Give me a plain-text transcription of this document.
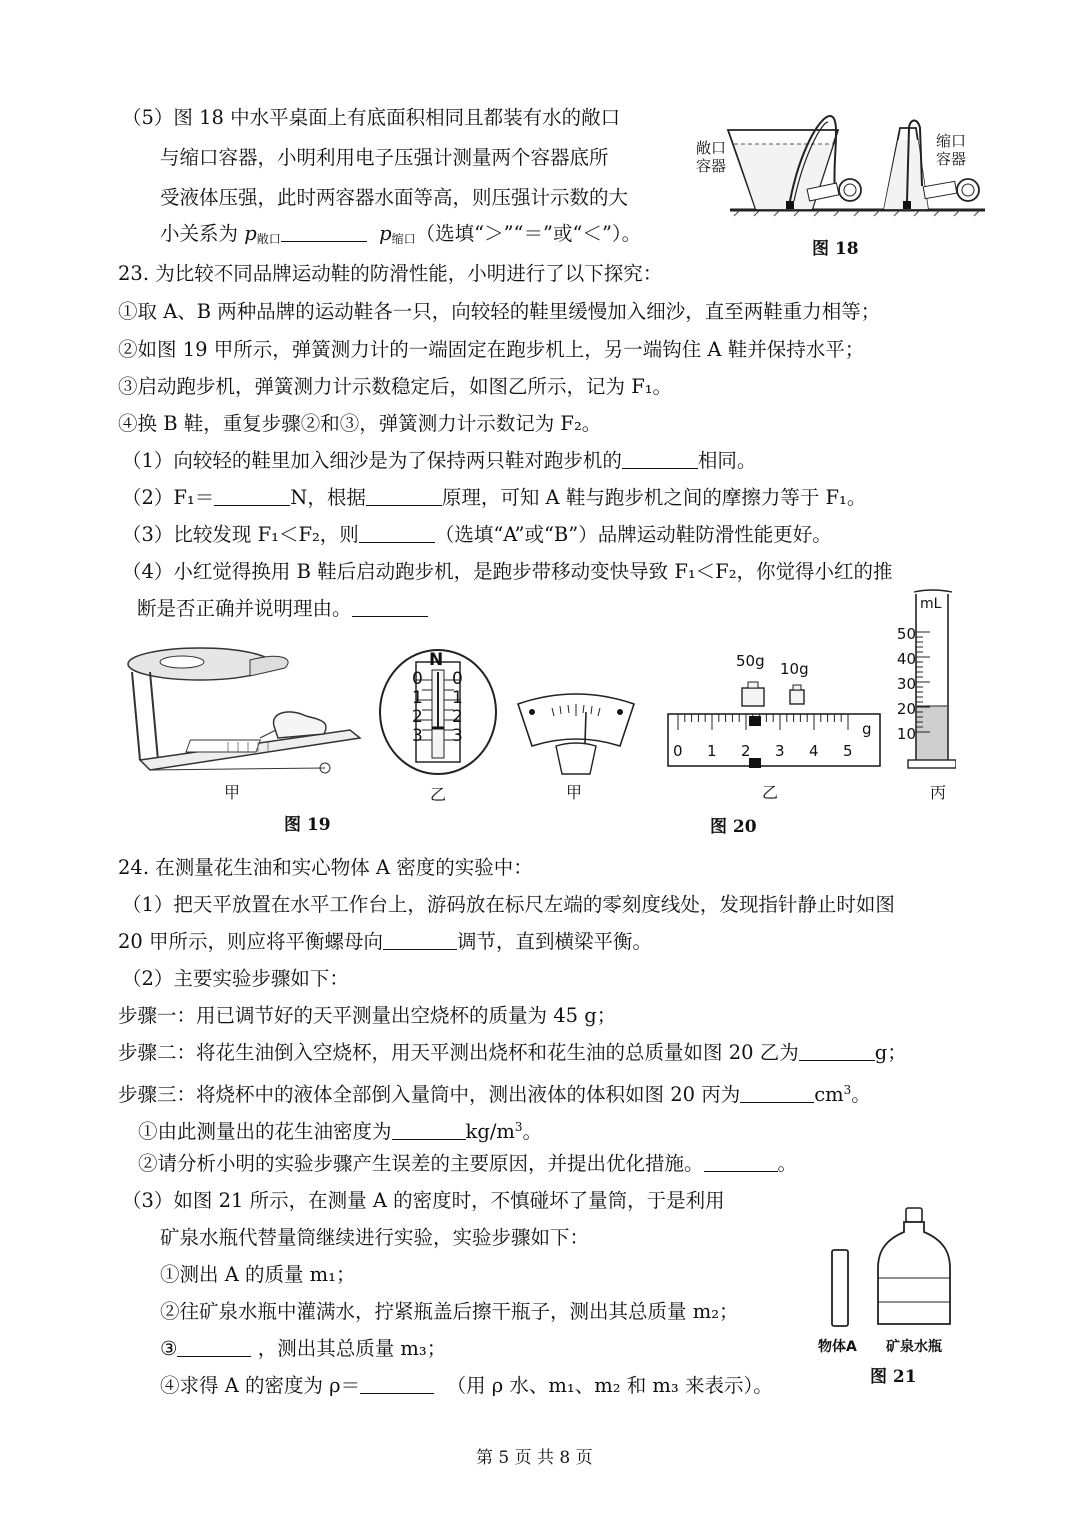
（5）图 18 中水平桌面上有底面积相同且都装有水的敞口
与缩口容器，小明利用电子压强计测量两个容器底所
受液体压强，此时两容器水面等高，则压强计示数的大
小关系为 $p_{敞口}$	$p_{缩口}$（选填“＞”“＝”或“＜”）。
敞口
容器
缩口
容器
图 18
23. 为比较不同品牌运动鞋的防滑性能，小明进行了以下探究：
①取 A、B 两种品牌的运动鞋各一只，向较轻的鞋里缓慢加入细沙，直至两鞋重力相等；
②如图 19 甲所示，弹簧测力计的一端固定在跑步机上，另一端钩住 A 鞋并保持水平；
③启动跑步机，弹簧测力计示数稳定后，如图乙所示，记为 F₁。
④换 B 鞋，重复步骤②和③，弹簧测力计示数记为 F₂。
（1）向较轻的鞋里加入细沙是为了保持两只鞋对跑步机的	相同。
（2）F₁＝	N，根据	原理，可知 A 鞋与跑步机之间的摩擦力等于 F₁。
（3）比较发现 F₁＜F₂，则	（选填“A”或“B”）品牌运动鞋防滑性能更好。
（4）小红觉得换用 B 鞋后启动跑步机，是跑步带移动变快导致 F₁＜F₂，你觉得小红的推
断是否正确并说明理由。
甲
N
0
1
2
3
0
1
2
3
乙
图 19
甲
50g 10g
g
0 1 2 3 4 5
乙
mL
50
40
30
20
10
丙
图 20
24. 在测量花生油和实心物体 A 密度的实验中：
（1）把天平放置在水平工作台上，游码放在标尺左端的零刻度线处，发现指针静止时如图
20 甲所示，则应将平衡螺母向	调节，直到横梁平衡。
（2）主要实验步骤如下：
步骤一：用已调节好的天平测量出空烧杯的质量为 45 g；
步骤二：将花生油倒入空烧杯，用天平测出烧杯和花生油的总质量如图 20 乙为	g；
步骤三：将烧杯中的液体全部倒入量筒中，测出液体的体积如图 20 丙为	$cm^3$。
①由此测量出的花生油密度为	$kg/m^3$。
②请分析小明的实验步骤产生误差的主要原因，并提出优化措施。	。
（3）如图 21 所示，在测量 A 的密度时，不慎碰坏了量筒，于是利用
矿泉水瓶代替量筒继续进行实验，实验步骤如下：
①测出 A 的质量 m₁；
②往矿泉水瓶中灌满水，拧紧瓶盖后擦干瓶子，测出其总质量 m₂；
③	，测出其总质量 m₃；
④求得 A 的密度为 ρ＝	（用 ρ 水、m₁、m₂ 和 m₃ 来表示）。
物体A 矿泉水瓶
图 21
第 5 页 共 8 页
